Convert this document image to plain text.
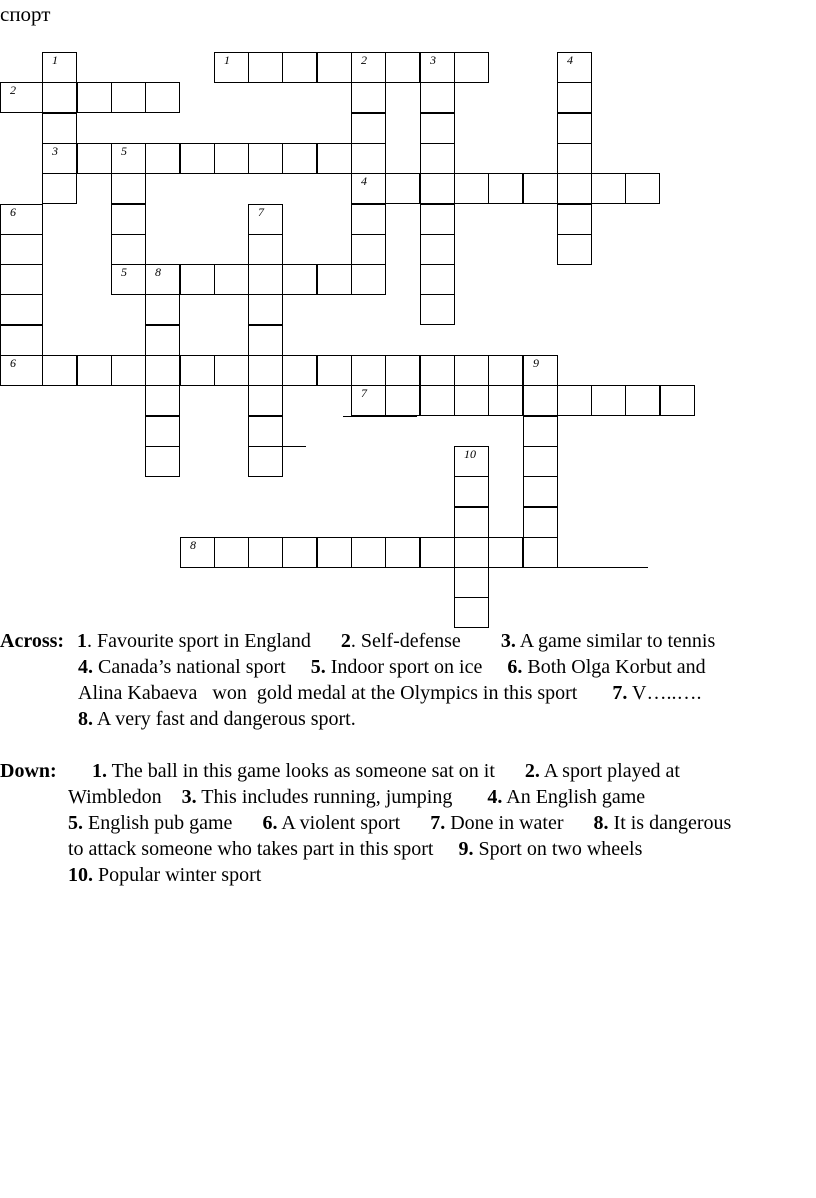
спорт
1	1	2	3	4
2
3	5
4
6	7
5 8
6	9
7
10
8
Across: 1. Favourite sport in England      2. Self-defense        3. A game similar to tennis
4. Canada’s national sport     5. Indoor sport on ice     6. Both Olga Korbut and
Alina Kabaeva   won  gold medal at the Olympics in this sport       7. V…..….
8. A very fast and dangerous sport.
Down: 1. The ball in this game looks as someone sat on it      2. A sport played at
Wimbledon    3. This includes running, jumping       4. An English game
5. English pub game      6. A violent sport      7. Done in water      8. It is dangerous
to attack someone who takes part in this sport     9. Sport on two wheels
10. Popular winter sport
